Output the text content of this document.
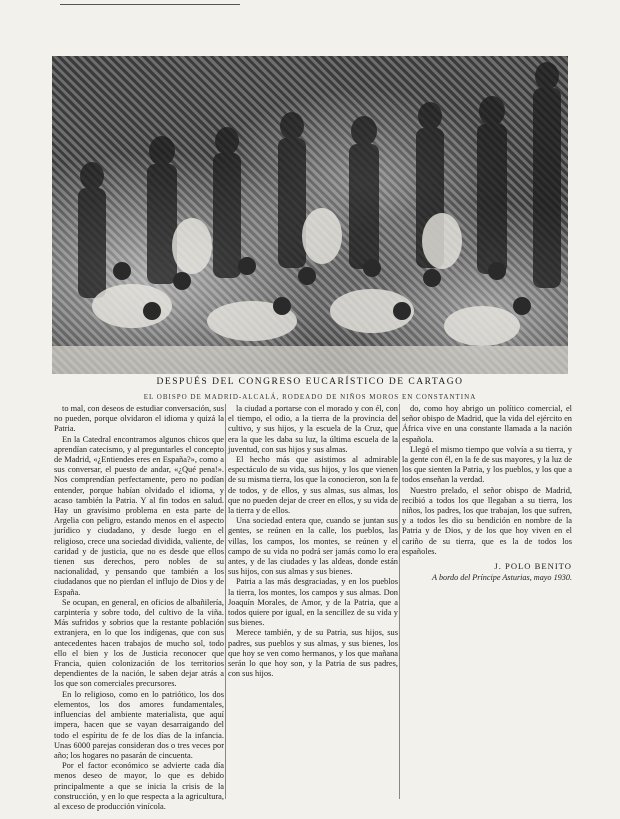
DESPUÉS DEL CONGRESO EUCARÍSTICO DE CARTAGO
EL OBISPO DE MADRID-ALCALÁ, RODEADO DE NIÑOS MOROS EN CONSTANTINA

to mal, con deseos de estudiar conversación, sus no pueden, porque olvidaron el idioma y quizá la Patria.

En la Catedral encontramos algunos chicos que aprendían catecismo, y al preguntarles el concepto de Madrid, «¿Entiendes eres en España?», como a sus conversar, el puesto de andar, «¿Qué pena!». Nos comprendían perfectamente, pero no podían entender, porque habían olvidado el idioma, y acaso también la Patria. Y al fin todos en salud. Hay un gravísimo problema en esta parte de Argelia con peligro, estando menos en el aspecto jurídico y ciudadano, y desde luego en el religioso, crece una sociedad dividida, valiente, de caridad y de justicia, que no es desde que ellos tienen sus derechos, pero nobles de su nacionalidad, y pensando que también a los ciudadanos que no pierdan el influjo de Dios y de España.

Se ocupan, en general, en oficios de albañilería, carpintería y sobre todo, del cultivo de la viña. Más sufridos y sobrios que la restante población extranjera, en lo que los indígenas, que con sus antecedentes hacen trabajos de mucho sol, todo ello el bien y los de Justicia reconocer que Francia, quien colonización de los territorios dependientes de la nación, le saben dejar atrás a los que son comerciales precursores.

En lo religioso, como en lo patriótico, los dos elementos, los dos amores fundamentales, influencias del ambiente materialista, que aquí impera, hacen que se vayan desarraigando del todo el espíritu de fe de los días de la infancia. Unas 6000 parejas consideran dos o tres veces por año; los hogares no pasarán de cincuenta.

Por el factor económico se advierte cada día menos deseo de mayor, lo que es debido principalmente a que se inicia la crisis de la construcción, y en lo que respecta a la agricultura, al exceso de producción vinícola.

la ciudad a portarse con el morado y con él, con el tiempo, el odio, a la tierra de la provincia del cultivo, y sus hijos, y la escuela de la Cruz, que era la que les daba su luz, la última escuela de la juventud, con sus hijos y sus almas.

El hecho más que asistimos al admirable espectáculo de su vida, sus hijos, y los que vienen de su misma tierra, los que la conocieron, son la fe de todos, y de ellos, y sus almas, sus almas, los que no pueden dejar de creer en ellos, y su vida de la tierra y de ellos.

Una sociedad entera que, cuando se juntan sus gentes, se reúnen en la calle, los pueblos, las villas, los campos, los montes, se reúnen y el campo de su vida no podrá ser jamás como lo era antes, y de las ciudades y las aldeas, donde están sus hijos, con sus almas y sus bienes.

Patria a las más desgraciadas, y en los pueblos la tierra, los montes, los campos y sus almas. Don Joaquín Morales, de Amor, y de la Patria, que a todos quiere por igual, en la sencillez de su vida y sus bienes.

Merece también, y de su Patria, sus hijos, sus padres, sus pueblos y sus almas, y sus bienes, los que hoy se ven como hermanos, y los que mañana serán lo que hoy son, y la Patria de sus padres, con sus hijos.

do, como hoy abrigo un político comercial, el señor obispo de Madrid, que la vida del ejército en África vive en una constante llamada a la nación española.

Llegó el mismo tiempo que volvía a su tierra, y la gente con él, en la fe de sus mayores, y la luz de los que sienten la Patria, y los pueblos, y los que a todos enseñan la verdad.

Nuestro prelado, el señor obispo de Madrid, recibió a todos los que llegaban a su tierra, los niños, los padres, los que trabajan, los que sufren, y a todos les dio su bendición en nombre de la Patria y de Dios, y de los que hoy viven en el cariño de su tierra, que es la de todos los españoles.

J. POLO BENITO
A bordo del Príncipe Asturias, mayo 1930.
